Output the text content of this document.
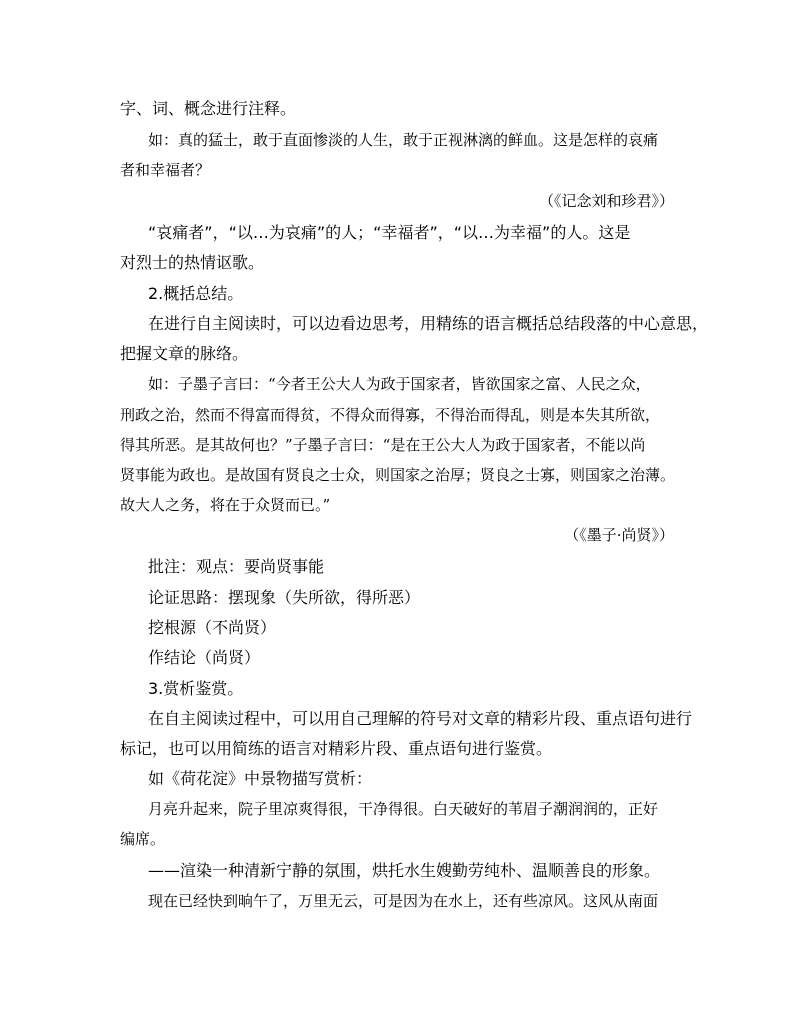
字、词、概念进行注释。
如：真的猛士，敢于直面惨淡的人生，敢于正视淋漓的鲜血。这是怎样的哀痛
者和幸福者？
（《记念刘和珍君》）
“哀痛者”，“以…为哀痛”的人；“幸福者”，“以…为幸福”的人。这是
对烈士的热情讴歌。
2.概括总结。
在进行自主阅读时，可以边看边思考，用精练的语言概括总结段落的中心意思，
把握文章的脉络。
如：子墨子言曰：“今者王公大人为政于国家者，皆欲国家之富、人民之众，
刑政之治，然而不得富而得贫，不得众而得寡，不得治而得乱，则是本失其所欲，
得其所恶。是其故何也？”子墨子言曰：“是在王公大人为政于国家者，不能以尚
贤事能为政也。是故国有贤良之士众，则国家之治厚；贤良之士寡，则国家之治薄。
故大人之务，将在于众贤而已。”
（《墨子·尚贤》）
批注：观点：要尚贤事能
论证思路：摆现象（失所欲，得所恶）
挖根源（不尚贤）
作结论（尚贤）
3.赏析鉴赏。
在自主阅读过程中，可以用自己理解的符号对文章的精彩片段、重点语句进行
标记，也可以用简练的语言对精彩片段、重点语句进行鉴赏。
如《荷花淀》中景物描写赏析：
月亮升起来，院子里凉爽得很，干净得很。白天破好的苇眉子潮润润的，正好
编席。
——渲染一种清新宁静的氛围，烘托水生嫂勤劳纯朴、温顺善良的形象。
现在已经快到晌午了，万里无云，可是因为在水上，还有些凉风。这风从南面
